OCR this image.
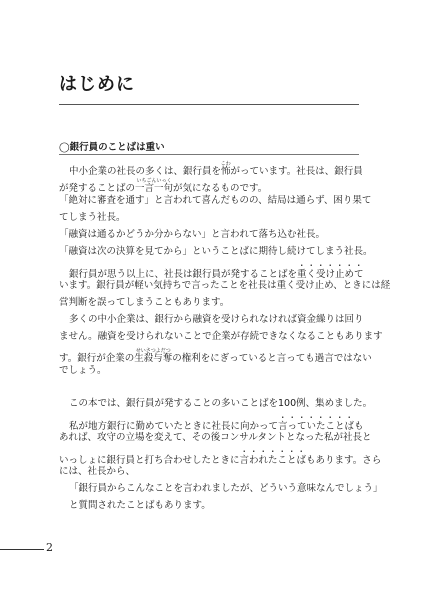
はじめに
◯銀行員のことばは重い
中小企業の社長の多くは、銀行員を怖こわがっています。社長は、銀行員
が発することばの一言一句いちごんいっくが気になるものです。
「絶対に審査を通す」と言われて喜んだものの、結局は通らず、困り果て
てしまう社長。
「融資は通るかどうか分からない」と言われて落ち込む社長。
「融資は次の決算を見てから」ということばに期待し続けてしまう社長。
銀行員が思う以上に、社長は銀行員が発することばを重く受け止めて
います。銀行員が軽い気持ちで言ったことを社長は重く受け止め、ときには経
営判断を誤ってしまうこともあります。
多くの中小企業は、銀行から融資を受けられなければ資金繰りは回り
ません。融資を受けられないことで企業が存続できなくなることもあります
す。銀行が企業の生殺与奪せいさつよだつの権利をにぎっていると言っても過言ではない
でしょう。
この本では、銀行員が発することの多いことばを100例、集めました。
私が地方銀行に勤めていたときに社長に向かって言っていたことばも
あれば、攻守の立場を変えて、その後コンサルタントとなった私が社長と
いっしょに銀行員と打ち合わせしたときに言われたことばもあります。さら
には、社長から、
「銀行員からこんなことを言われましたが、どういう意味なんでしょう」
と質問されたことばもあります。
2
